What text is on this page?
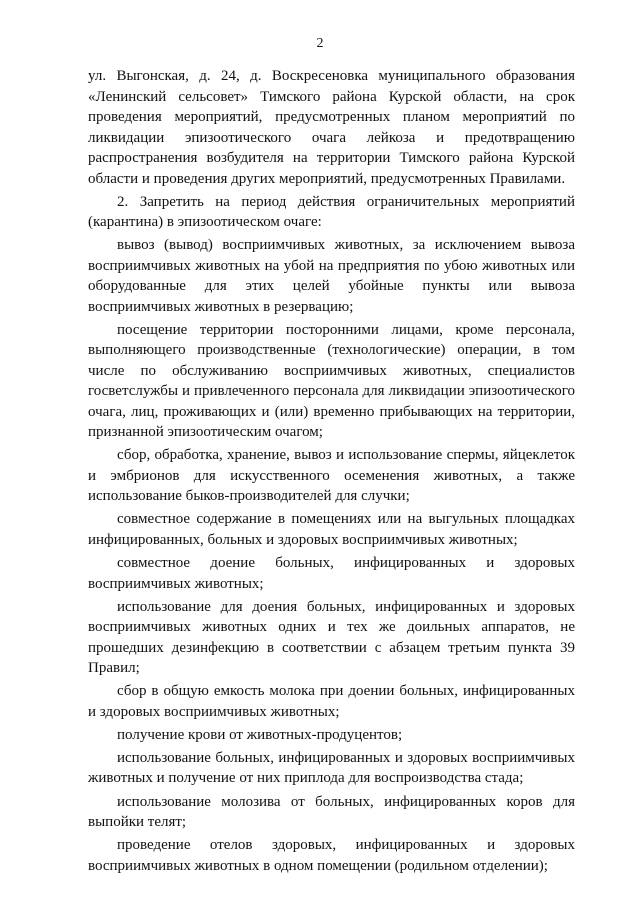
2

ул. Выгонская, д. 24, д. Воскресеновка муниципального образования «Ленинский сельсовет» Тимского района Курской области, на срок проведения мероприятий, предусмотренных планом мероприятий по ликвидации эпизоотического очага лейкоза и предотвращению распространения возбудителя на территории Тимского района Курской области и проведения других мероприятий, предусмотренных Правилами.

2. Запретить на период действия ограничительных мероприятий (карантина) в эпизоотическом очаге:

вывоз (вывод) восприимчивых животных, за исключением вывоза восприимчивых животных на убой на предприятия по убою животных или оборудованные для этих целей убойные пункты или вывоза восприимчивых животных в резервацию;

посещение территории посторонними лицами, кроме персонала, выполняющего производственные (технологические) операции, в том числе по обслуживанию восприимчивых животных, специалистов госветслужбы и привлеченного персонала для ликвидации эпизоотического очага, лиц, проживающих и (или) временно прибывающих на территории, признанной эпизоотическим очагом;

сбор, обработка, хранение, вывоз и использование спермы, яйцеклеток и эмбрионов для искусственного осеменения животных, а также использование быков-производителей для случки;

совместное содержание в помещениях или на выгульных площадках инфицированных, больных и здоровых восприимчивых животных;

совместное доение больных, инфицированных и здоровых восприимчивых животных;

использование для доения больных, инфицированных и здоровых восприимчивых животных одних и тех же доильных аппаратов, не прошедших дезинфекцию в соответствии с абзацем третьим пункта 39 Правил;

сбор в общую емкость молока при доении больных, инфицированных и здоровых восприимчивых животных;

получение крови от животных-продуцентов;

использование больных, инфицированных и здоровых восприимчивых животных и получение от них приплода для воспроизводства стада;

использование молозива от больных, инфицированных коров для выпойки телят;

проведение отелов здоровых, инфицированных и здоровых восприимчивых животных в одном помещении (родильном отделении);
